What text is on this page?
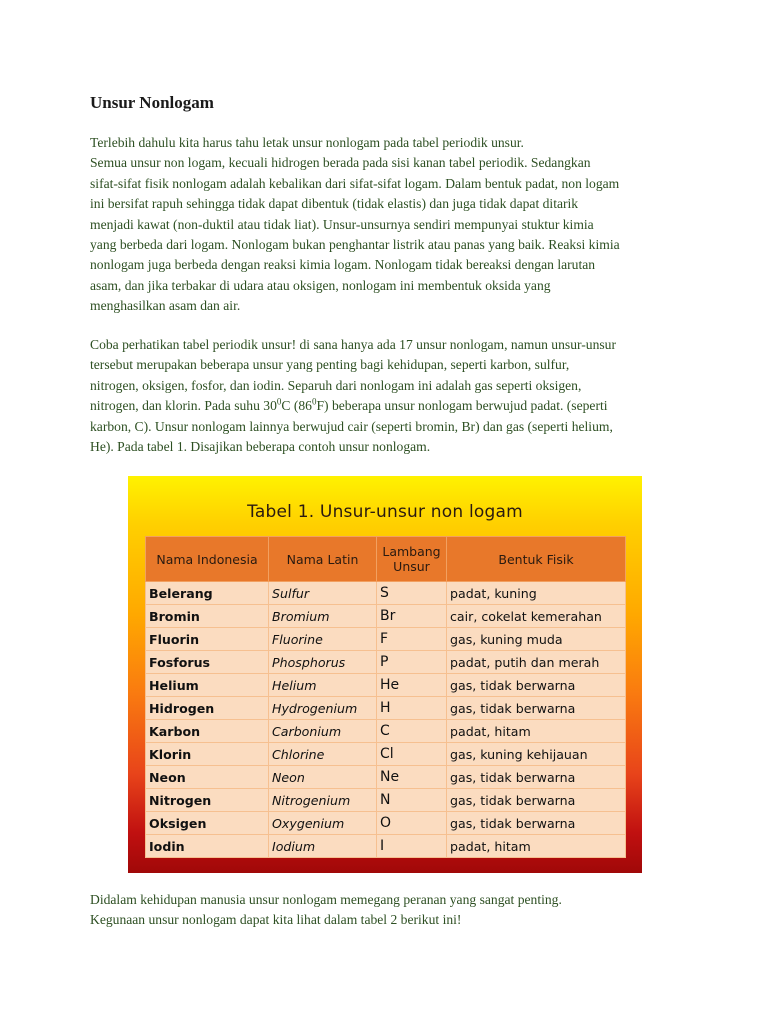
Unsur Nonlogam
Terlebih dahulu kita harus tahu letak unsur nonlogam pada tabel periodik unsur.
Semua unsur non logam, kecuali hidrogen berada pada sisi kanan tabel periodik. Sedangkan
sifat-sifat fisik nonlogam adalah kebalikan dari sifat-sifat logam. Dalam bentuk padat, non logam
ini bersifat rapuh sehingga tidak dapat dibentuk (tidak elastis) dan juga tidak dapat ditarik
menjadi kawat (non-duktil atau tidak liat). Unsur-unsurnya sendiri mempunyai stuktur kimia
yang berbeda dari logam. Nonlogam bukan penghantar listrik atau panas yang baik. Reaksi kimia
nonlogam juga berbeda dengan reaksi kimia logam. Nonlogam tidak bereaksi dengan larutan
asam, dan jika terbakar di udara atau oksigen, nonlogam ini membentuk oksida yang
menghasilkan asam dan air.
Coba perhatikan tabel periodik unsur! di sana hanya ada 17 unsur nonlogam, namun unsur-unsur
tersebut merupakan beberapa unsur yang penting bagi kehidupan, seperti karbon, sulfur,
nitrogen, oksigen, fosfor, dan iodin. Separuh dari nonlogam ini adalah gas seperti oksigen,
nitrogen, dan klorin. Pada suhu $30^0C$ $(86^0F)$ beberapa unsur nonlogam berwujud padat. (seperti
karbon, C). Unsur nonlogam lainnya berwujud cair (seperti bromin, Br) dan gas (seperti helium,
He). Pada tabel 1. Disajikan beberapa contoh unsur nonlogam.
Tabel 1. Unsur-unsur non logam
Nama Indonesia	Nama Latin	Lambang Unsur	Bentuk Fisik
Belerang	Sulfur	S	padat, kuning
Bromin	Bromium	Br	cair, cokelat kemerahan
Fluorin	Fluorine	F	gas, kuning muda
Fosforus	Phosphorus	P	padat, putih dan merah
Helium	Helium	He	gas, tidak berwarna
Hidrogen	Hydrogenium	H	gas, tidak berwarna
Karbon	Carbonium	C	padat, hitam
Klorin	Chlorine	Cl	gas, kuning kehijauan
Neon	Neon	Ne	gas, tidak berwarna
Nitrogen	Nitrogenium	N	gas, tidak berwarna
Oksigen	Oxygenium	O	gas, tidak berwarna
Iodin	Iodium	I	padat, hitam
Didalam kehidupan manusia unsur nonlogam memegang peranan yang sangat penting.
Kegunaan unsur nonlogam dapat kita lihat dalam tabel 2 berikut ini!
